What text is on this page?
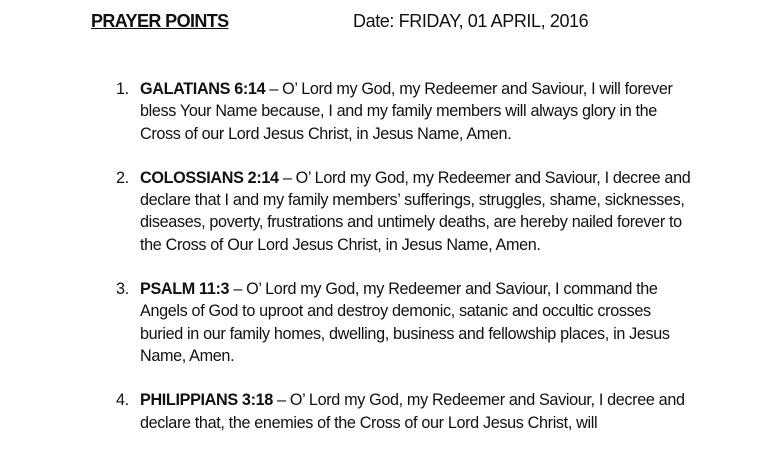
PRAYER POINTS	Date: FRIDAY, 01 APRIL, 2016
1. GALATIANS 6:14 – O’ Lord my God, my Redeemer and Saviour, I will forever bless Your Name because, I and my family members will always glory in the Cross of our Lord Jesus Christ, in Jesus Name, Amen.
2. COLOSSIANS 2:14 – O’ Lord my God, my Redeemer and Saviour, I decree and declare that I and my family members’ sufferings, struggles, shame, sicknesses, diseases, poverty, frustrations and untimely deaths, are hereby nailed forever to the Cross of Our Lord Jesus Christ, in Jesus Name, Amen.
3. PSALM 11:3 – O’ Lord my God, my Redeemer and Saviour, I command the Angels of God to uproot and destroy demonic, satanic and occultic crosses buried in our family homes, dwelling, business and fellowship places, in Jesus Name, Amen.
4. PHILIPPIANS 3:18 – O’ Lord my God, my Redeemer and Saviour, I decree and declare that, the enemies of the Cross of our Lord Jesus Christ, will
